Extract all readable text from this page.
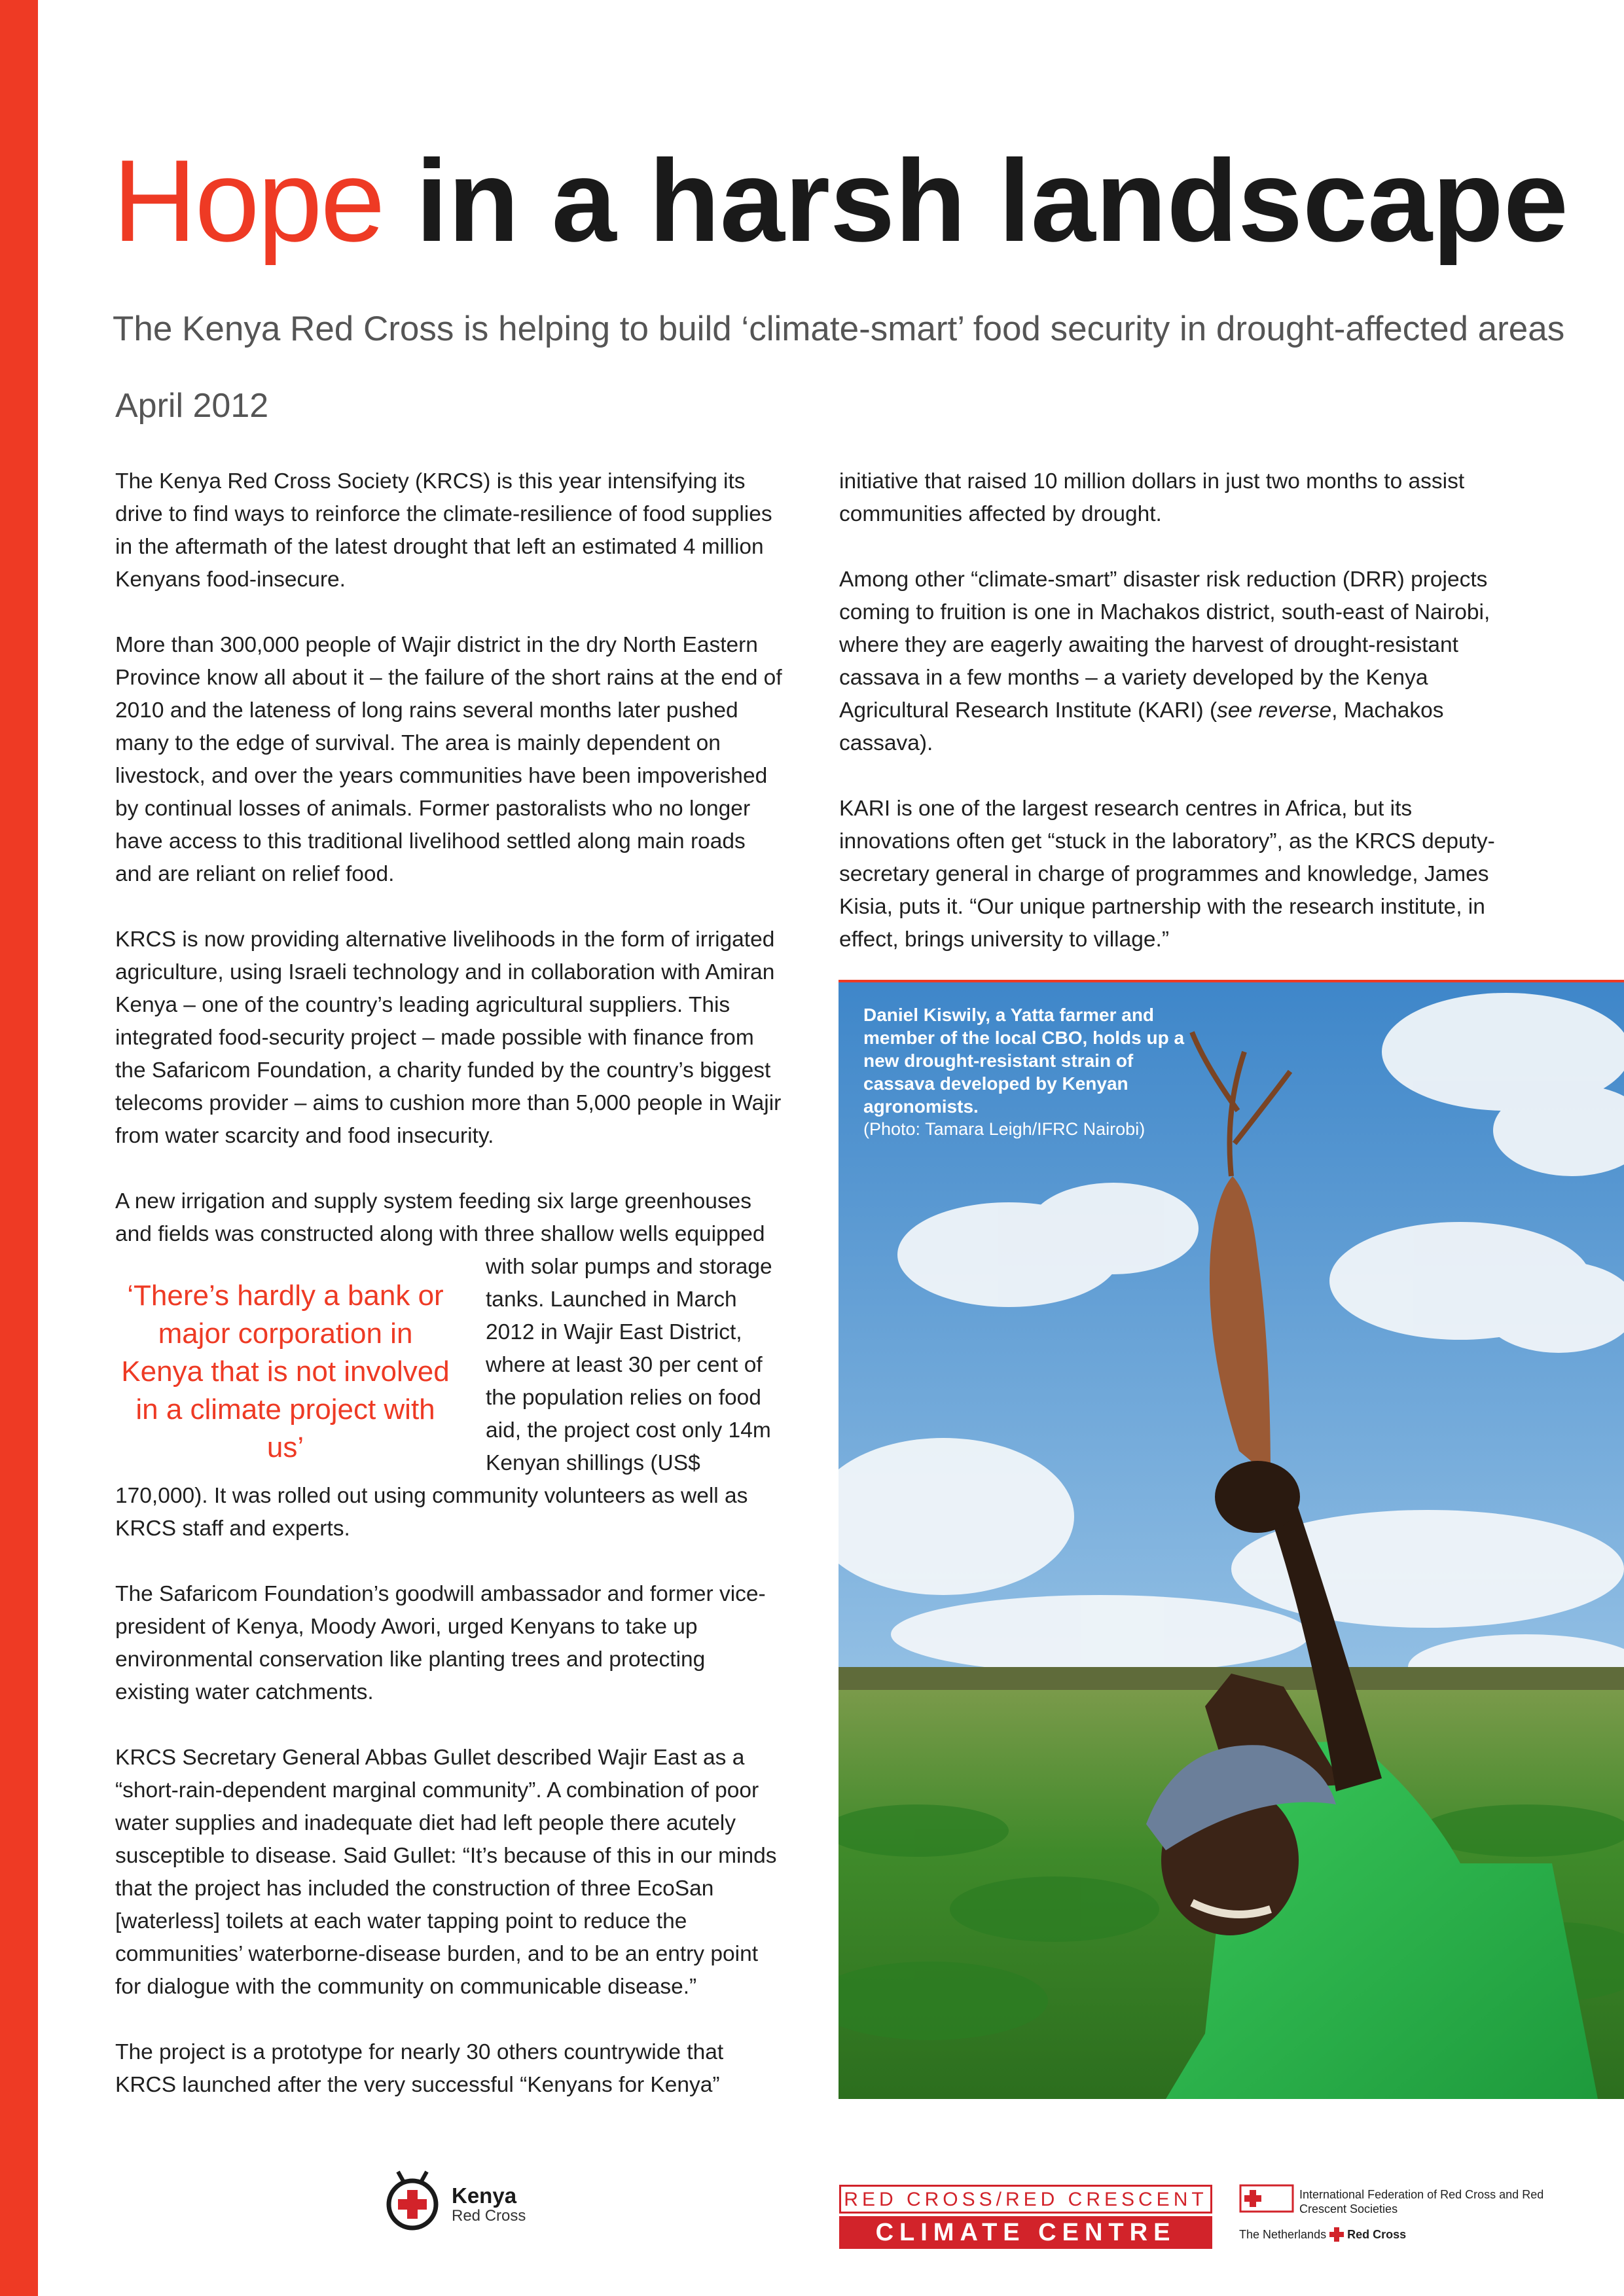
Hope in a harsh landscape

The Kenya Red Cross is helping to build ‘climate-smart’ food security in drought-affected areas

April 2012

The Kenya Red Cross Society (KRCS) is this year intensifying its drive to find ways to reinforce the climate-resilience of food supplies in the aftermath of the latest drought that left an estimated 4 million Kenyans food-insecure.

More than 300,000 people of Wajir district in the dry North Eastern Province know all about it – the failure of the short rains at the end of 2010 and the lateness of long rains several months later pushed many to the edge of survival. The area is mainly dependent on livestock, and over the years communities have been impoverished by continual losses of animals. Former pastoralists who no longer have access to this traditional livelihood settled along main roads and are reliant on relief food.

KRCS is now providing alternative livelihoods in the form of irrigated agriculture, using Israeli technology and in collaboration with Amiran Kenya – one of the country’s leading agricultural suppliers. This integrated food-security project – made possible with finance from the Safaricom Foundation, a charity funded by the country’s biggest telecoms provider – aims to cushion more than 5,000 people in Wajir from water scarcity and food insecurity.

A new irrigation and supply system feeding six large greenhouses and fields was constructed along with three
‘There’s hardly a bank or major corporation in Kenya that is not involved in a climate project with us’
shallow wells equipped with solar pumps and storage tanks. Launched in March 2012 in Wajir East District, where at least 30 per cent of the population relies on food aid, the project cost only 14m Kenyan shillings (US$ 170,000). It was rolled out using community volunteers as well as KRCS staff and experts.

The Safaricom Foundation’s goodwill ambassador and former vice-president of Kenya, Moody Awori, urged Kenyans to take up environmental conservation like planting trees and protecting existing water catchments.

KRCS Secretary General Abbas Gullet described Wajir East as a “short-rain-dependent marginal community”. A combination of poor water supplies and inadequate diet had left people there acutely susceptible to disease. Said Gullet: “It’s because of this in our minds that the project has included the construction of three EcoSan [waterless] toilets at each water tapping point to reduce the communities’ waterborne-disease burden, and to be an entry point for dialogue with the community on communicable disease.”

The project is a prototype for nearly 30 others countrywide that KRCS launched after the very successful “Kenyans for Kenya”

initiative that raised 10 million dollars in just two months to assist communities affected by drought.

Among other “climate-smart” disaster risk reduction (DRR) projects coming to fruition is one in Machakos district, south-east of Nairobi, where they are eagerly awaiting the harvest of drought-resistant cassava in a few months – a variety developed by the Kenya Agricultural Research Institute (KARI) (see reverse, Machakos cassava).

KARI is one of the largest research centres in Africa, but its innovations often get “stuck in the laboratory”, as the KRCS deputy-secretary general in charge of programmes and knowledge, James Kisia, puts it. “Our unique partnership with the research institute, in effect, brings university to village.”

Daniel Kiswily, a Yatta farmer and member of the local CBO, holds up a new drought-resistant strain of cassava developed by Kenyan agronomists.
(Photo: Tamara Leigh/IFRC Nairobi)
Kenya
Red Cross
RED CROSS/RED CRESCENT
CLIMATE CENTRE
International Federation of Red Cross and Red Crescent Societies
The Netherlands Red Cross
